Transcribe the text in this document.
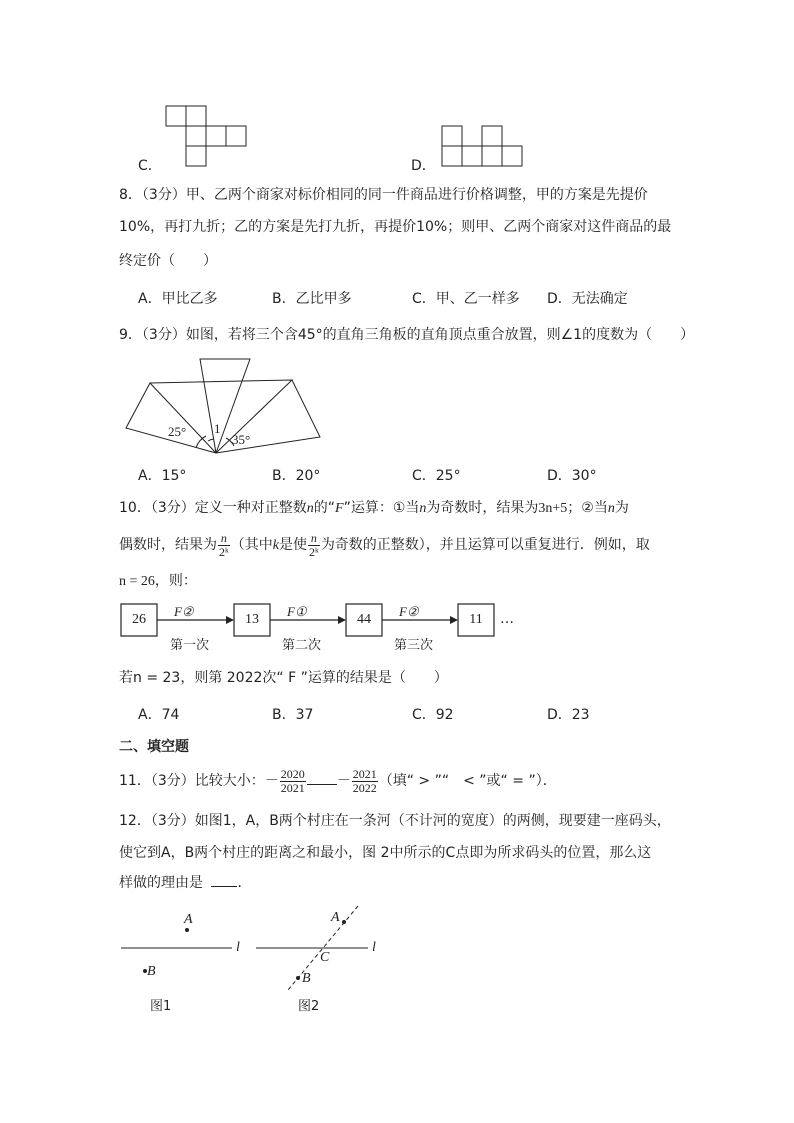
C．	D．
8．（3分）甲、乙两个商家对标价相同的同一件商品进行价格调整，甲的方案是先提价
10%，再打九折；乙的方案是先打九折，再提价10%；则甲、乙两个商家对这件商品的最
终定价（　　）
A．甲比乙多	B．乙比甲多	C．甲、乙一样多 D．无法确定
9．（3分）如图，若将三个含45°的直角三角板的直角顶点重合放置，则∠1的度数为（　　）
25° 1
35°
A．15°	B．20°	C．25°	D．30°
10．（3分）定义一种对正整数n的“F”运算：①当n为奇数时，结果为3n+5；②当n为
偶数时，结果为 $\frac{n}{\text{2ᵏ}}$ （其中k是使 $\frac{n}{\text{2ᵏ}}$ 为奇数的正整数），并且运算可以重复进行．例如，取
n = 26，则：
26	13	44	11	…
F②	F①	F②
第一次	第二次	第三次
若n = 23，则第 2022次“ F ”运算的结果是（　　）
A．74	B．37	C．92	D．23
二、填空题
11．（3分）比较大小：－ $\frac{2020}{2021} - \frac{2021}{2022}$ （填“ > ”“　< ”或“ = ”）．
12．（3分）如图1，A，B两个村庄在一条河（不计河的宽度）的两侧，现要建一座码头，
使它到A，B两个村庄的距离之和最小，图 2中所示的C点即为所求码头的位置，那么这
样做的理由是 ．
A
B
l
图1
A
B
C
l
图2
